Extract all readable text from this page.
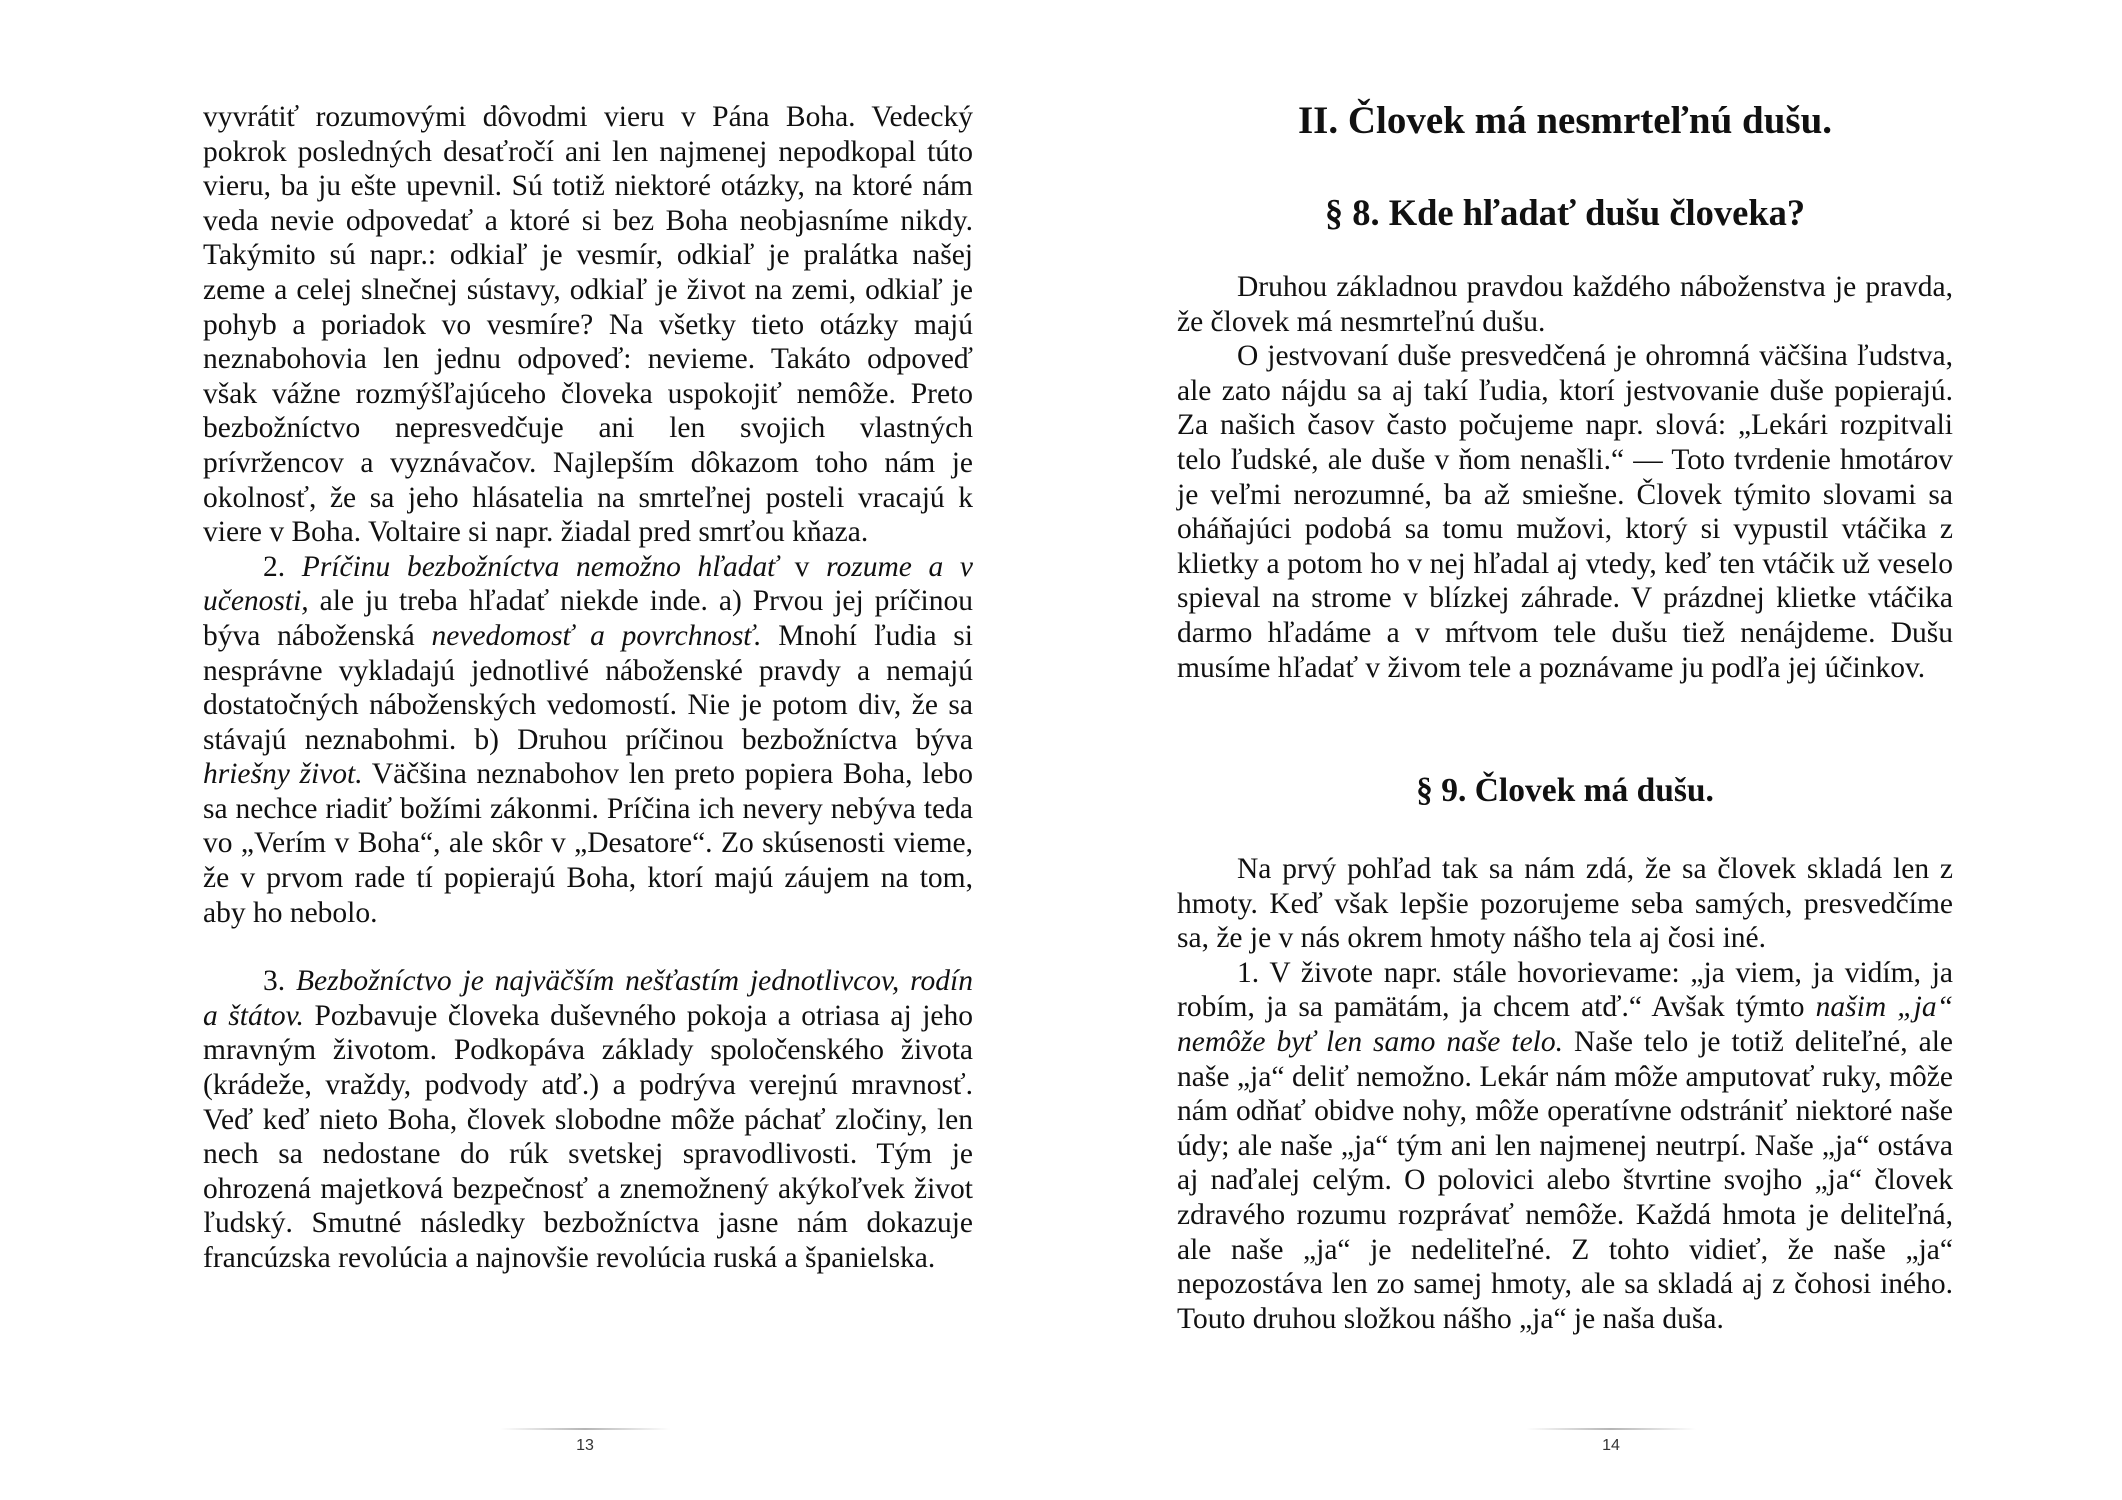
vyvrátiť rozumovými dôvodmi vieru v Pána Boha. Vedecký pokrok posledných desaťročí ani len najmenej nepodkopal túto vieru, ba ju ešte upevnil. Sú totiž niektoré otázky, na ktoré nám veda nevie odpovedať a ktoré si bez Boha neobjasníme nikdy. Takýmito sú napr.: odkiaľ je vesmír, odkiaľ je pralátka našej zeme a celej slnečnej sústavy, odkiaľ je život na zemi, odkiaľ je pohyb a poriadok vo vesmíre? Na všetky tieto otázky majú neznabohovia len jednu odpoveď: nevieme. Takáto odpoveď však vážne rozmýšľajúceho človeka uspokojiť nemôže. Preto bezbožníctvo nepresvedčuje ani len svojich vlastných prívržencov a vyznávačov. Najlepším dôkazom toho nám je okolnosť, že sa jeho hlásatelia na smrteľnej posteli vracajú k viere v Boha. Voltaire si napr. žiadal pred smrťou kňaza.

2. Príčinu bezbožníctva nemožno hľadať v rozume a v učenosti, ale ju treba hľadať niekde inde. a) Prvou jej príčinou býva náboženská nevedomosť a povrchnosť. Mnohí ľudia si nesprávne vykladajú jednotlivé náboženské pravdy a nemajú dostatočných náboženských vedomostí. Nie je potom div, že sa stávajú neznabohmi. b) Druhou príčinou bezbožníctva býva hriešny život. Väčšina neznabohov len preto popiera Boha, lebo sa nechce riadiť božími zákonmi. Príčina ich nevery nebýva teda vo „Verím v Boha“, ale skôr v „Desatore“. Zo skúsenosti vieme, že v prvom rade tí popierajú Boha, ktorí majú záujem na tom, aby ho nebolo.

3. Bezbožníctvo je najväčším nešťastím jednotlivcov, rodín a štátov. Pozbavuje človeka duševného pokoja a otriasa aj jeho mravným životom. Podkopáva základy spoločenského života (krádeže, vraždy, podvody atď.) a podrýva verejnú mravnosť. Veď keď nieto Boha, človek slobodne môže páchať zločiny, len nech sa nedostane do rúk svetskej spravodlivosti. Tým je ohrozená majetková bezpečnosť a znemožnený akýkoľvek život ľudský. Smutné následky bezbožníctva jasne nám dokazuje francúzska revolúcia a najnovšie revolúcia ruská a španielska.

13
II. Človek má nesmrteľnú dušu.
§ 8. Kde hľadať dušu človeka?

Druhou základnou pravdou každého náboženstva je pravda, že človek má nesmrteľnú dušu.

O jestvovaní duše presvedčená je ohromná väčšina ľudstva, ale zato nájdu sa aj takí ľudia, ktorí jestvovanie duše popierajú. Za našich časov často počujeme napr. slová: „Lekári rozpitvali telo ľudské, ale duše v ňom nenašli.“ — Toto tvrdenie hmotárov je veľmi nerozumné, ba až smiešne. Človek týmito slovami sa oháňajúci podobá sa tomu mužovi, ktorý si vypustil vtáčika z klietky a potom ho v nej hľadal aj vtedy, keď ten vtáčik už veselo spieval na strome v blízkej záhrade. V prázdnej klietke vtáčika darmo hľadáme a v mŕtvom tele dušu tiež nenájdeme. Dušu musíme hľadať v živom tele a poznávame ju podľa jej účinkov.

§ 9. Človek má dušu.

Na prvý pohľad tak sa nám zdá, že sa človek skladá len z hmoty. Keď však lepšie pozorujeme seba samých, presvedčíme sa, že je v nás okrem hmoty nášho tela aj čosi iné.

1. V živote napr. stále hovorievame: „ja viem, ja vidím, ja robím, ja sa pamätám, ja chcem atď.“ Avšak týmto našim „ja“ nemôže byť len samo naše telo. Naše telo je totiž deliteľné, ale naše „ja“ deliť nemožno. Lekár nám môže amputovať ruky, môže nám odňať obidve nohy, môže operatívne odstrániť niektoré naše údy; ale naše „ja“ tým ani len najmenej neutrpí. Naše „ja“ ostáva aj naďalej celým. O polovici alebo štvrtine svojho „ja“ človek zdravého rozumu rozprávať nemôže. Každá hmota je deliteľná, ale naše „ja“ je nedeliteľné. Z tohto vidieť, že naše „ja“ nepozostáva len zo samej hmoty, ale sa skladá aj z čohosi iného. Touto druhou složkou nášho „ja“ je naša duša.

14
